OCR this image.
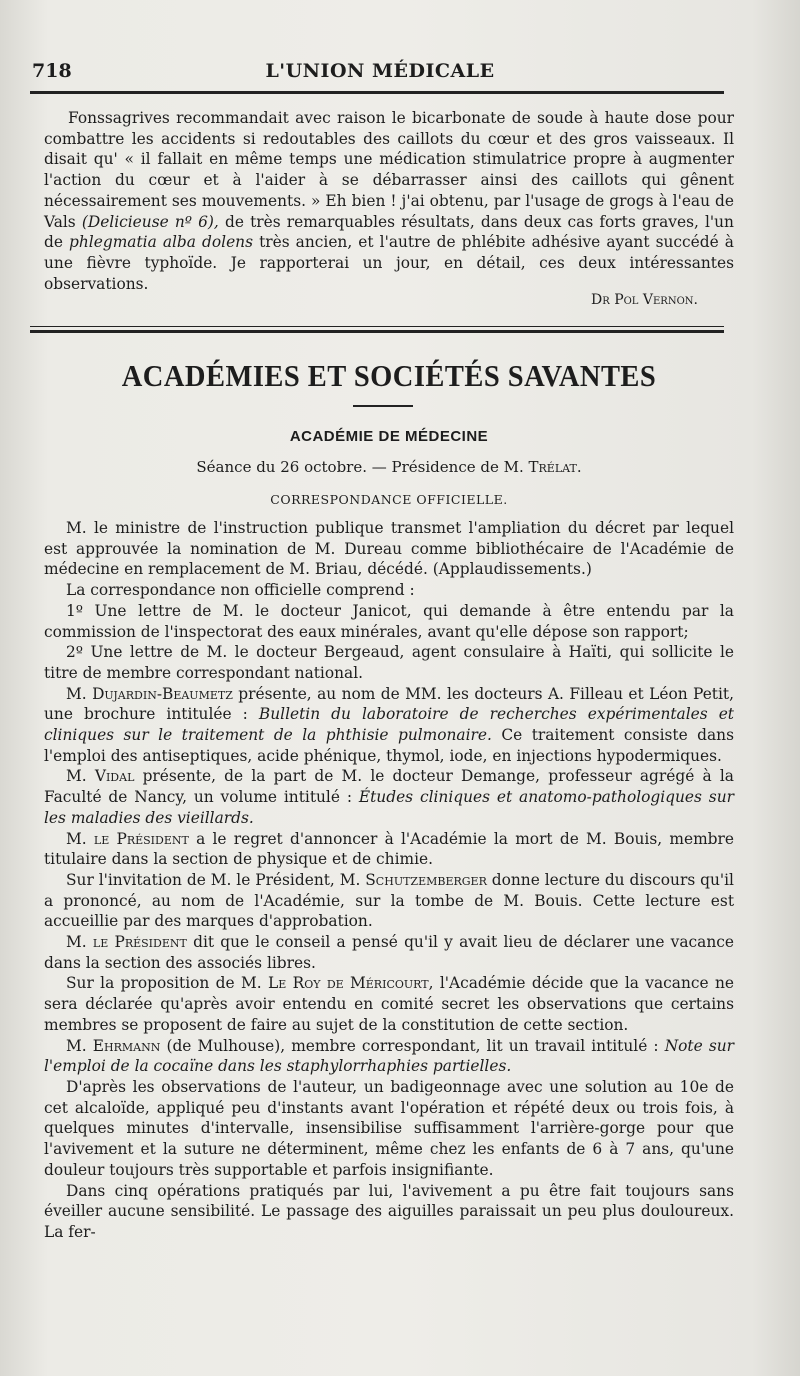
718	L'UNION MÉDICALE

Fonssagrives recommandait avec raison le bicarbonate de soude à haute dose pour combattre les accidents si redoutables des caillots du cœur et des gros vaisseaux. Il disait qu' « il fallait en même temps une médication stimulatrice propre à augmenter l'action du cœur et à l'aider à se débarrasser ainsi des caillots qui gênent nécessairement ses mouvements. » Eh bien ! j'ai obtenu, par l'usage de grogs à l'eau de Vals (Delicieuse nº 6), de très remarquables résultats, dans deux cas forts graves, l'un de phlegmatia alba dolens très ancien, et l'autre de phlébite adhésive ayant succédé à une fièvre typhoïde. Je rapporterai un jour, en détail, ces deux intéressantes observations.

Dr Pol Vernon.
ACADÉMIES ET SOCIÉTÉS SAVANTES
ACADÉMIE DE MÉDECINE
Séance du 26 octobre. — Présidence de M. Trélat.
CORRESPONDANCE OFFICIELLE.

M. le ministre de l'instruction publique transmet l'ampliation du décret par lequel est approuvée la nomination de M. Dureau comme bibliothécaire de l'Académie de médecine en remplacement de M. Briau, décédé. (Applaudissements.)

La correspondance non officielle comprend :

1º Une lettre de M. le docteur Janicot, qui demande à être entendu par la commission de l'inspectorat des eaux minérales, avant qu'elle dépose son rapport;

2º Une lettre de M. le docteur Bergeaud, agent consulaire à Haïti, qui sollicite le titre de membre correspondant national.

M. Dujardin-Beaumetz présente, au nom de MM. les docteurs A. Filleau et Léon Petit, une brochure intitulée : Bulletin du laboratoire de recherches expérimentales et cliniques sur le traitement de la phthisie pulmonaire. Ce traitement consiste dans l'emploi des antiseptiques, acide phénique, thymol, iode, en injections hypodermiques.

M. Vidal présente, de la part de M. le docteur Demange, professeur agrégé à la Faculté de Nancy, un volume intitulé : Études cliniques et anatomo-pathologiques sur les maladies des vieillards.

M. le Président a le regret d'annoncer à l'Académie la mort de M. Bouis, membre titulaire dans la section de physique et de chimie.

Sur l'invitation de M. le Président, M. Schutzemberger donne lecture du discours qu'il a prononcé, au nom de l'Académie, sur la tombe de M. Bouis. Cette lecture est accueillie par des marques d'approbation.

M. le Président dit que le conseil a pensé qu'il y avait lieu de déclarer une vacance dans la section des associés libres.

Sur la proposition de M. Le Roy de Méricourt, l'Académie décide que la vacance ne sera déclarée qu'après avoir entendu en comité secret les observations que certains membres se proposent de faire au sujet de la constitution de cette section.

M. Ehrmann (de Mulhouse), membre correspondant, lit un travail intitulé : Note sur l'emploi de la cocaïne dans les staphylorrhaphies partielles.

D'après les observations de l'auteur, un badigeonnage avec une solution au 10e de cet alcaloïde, appliqué peu d'instants avant l'opération et répété deux ou trois fois, à quelques minutes d'intervalle, insensibilise suffisamment l'arrière-gorge pour que l'avivement et la suture ne déterminent, même chez les enfants de 6 à 7 ans, qu'une douleur toujours très supportable et parfois insignifiante.

Dans cinq opérations pratiqués par lui, l'avivement a pu être fait toujours sans éveiller aucune sensibilité. Le passage des aiguilles paraissait un peu plus douloureux. La fer-
